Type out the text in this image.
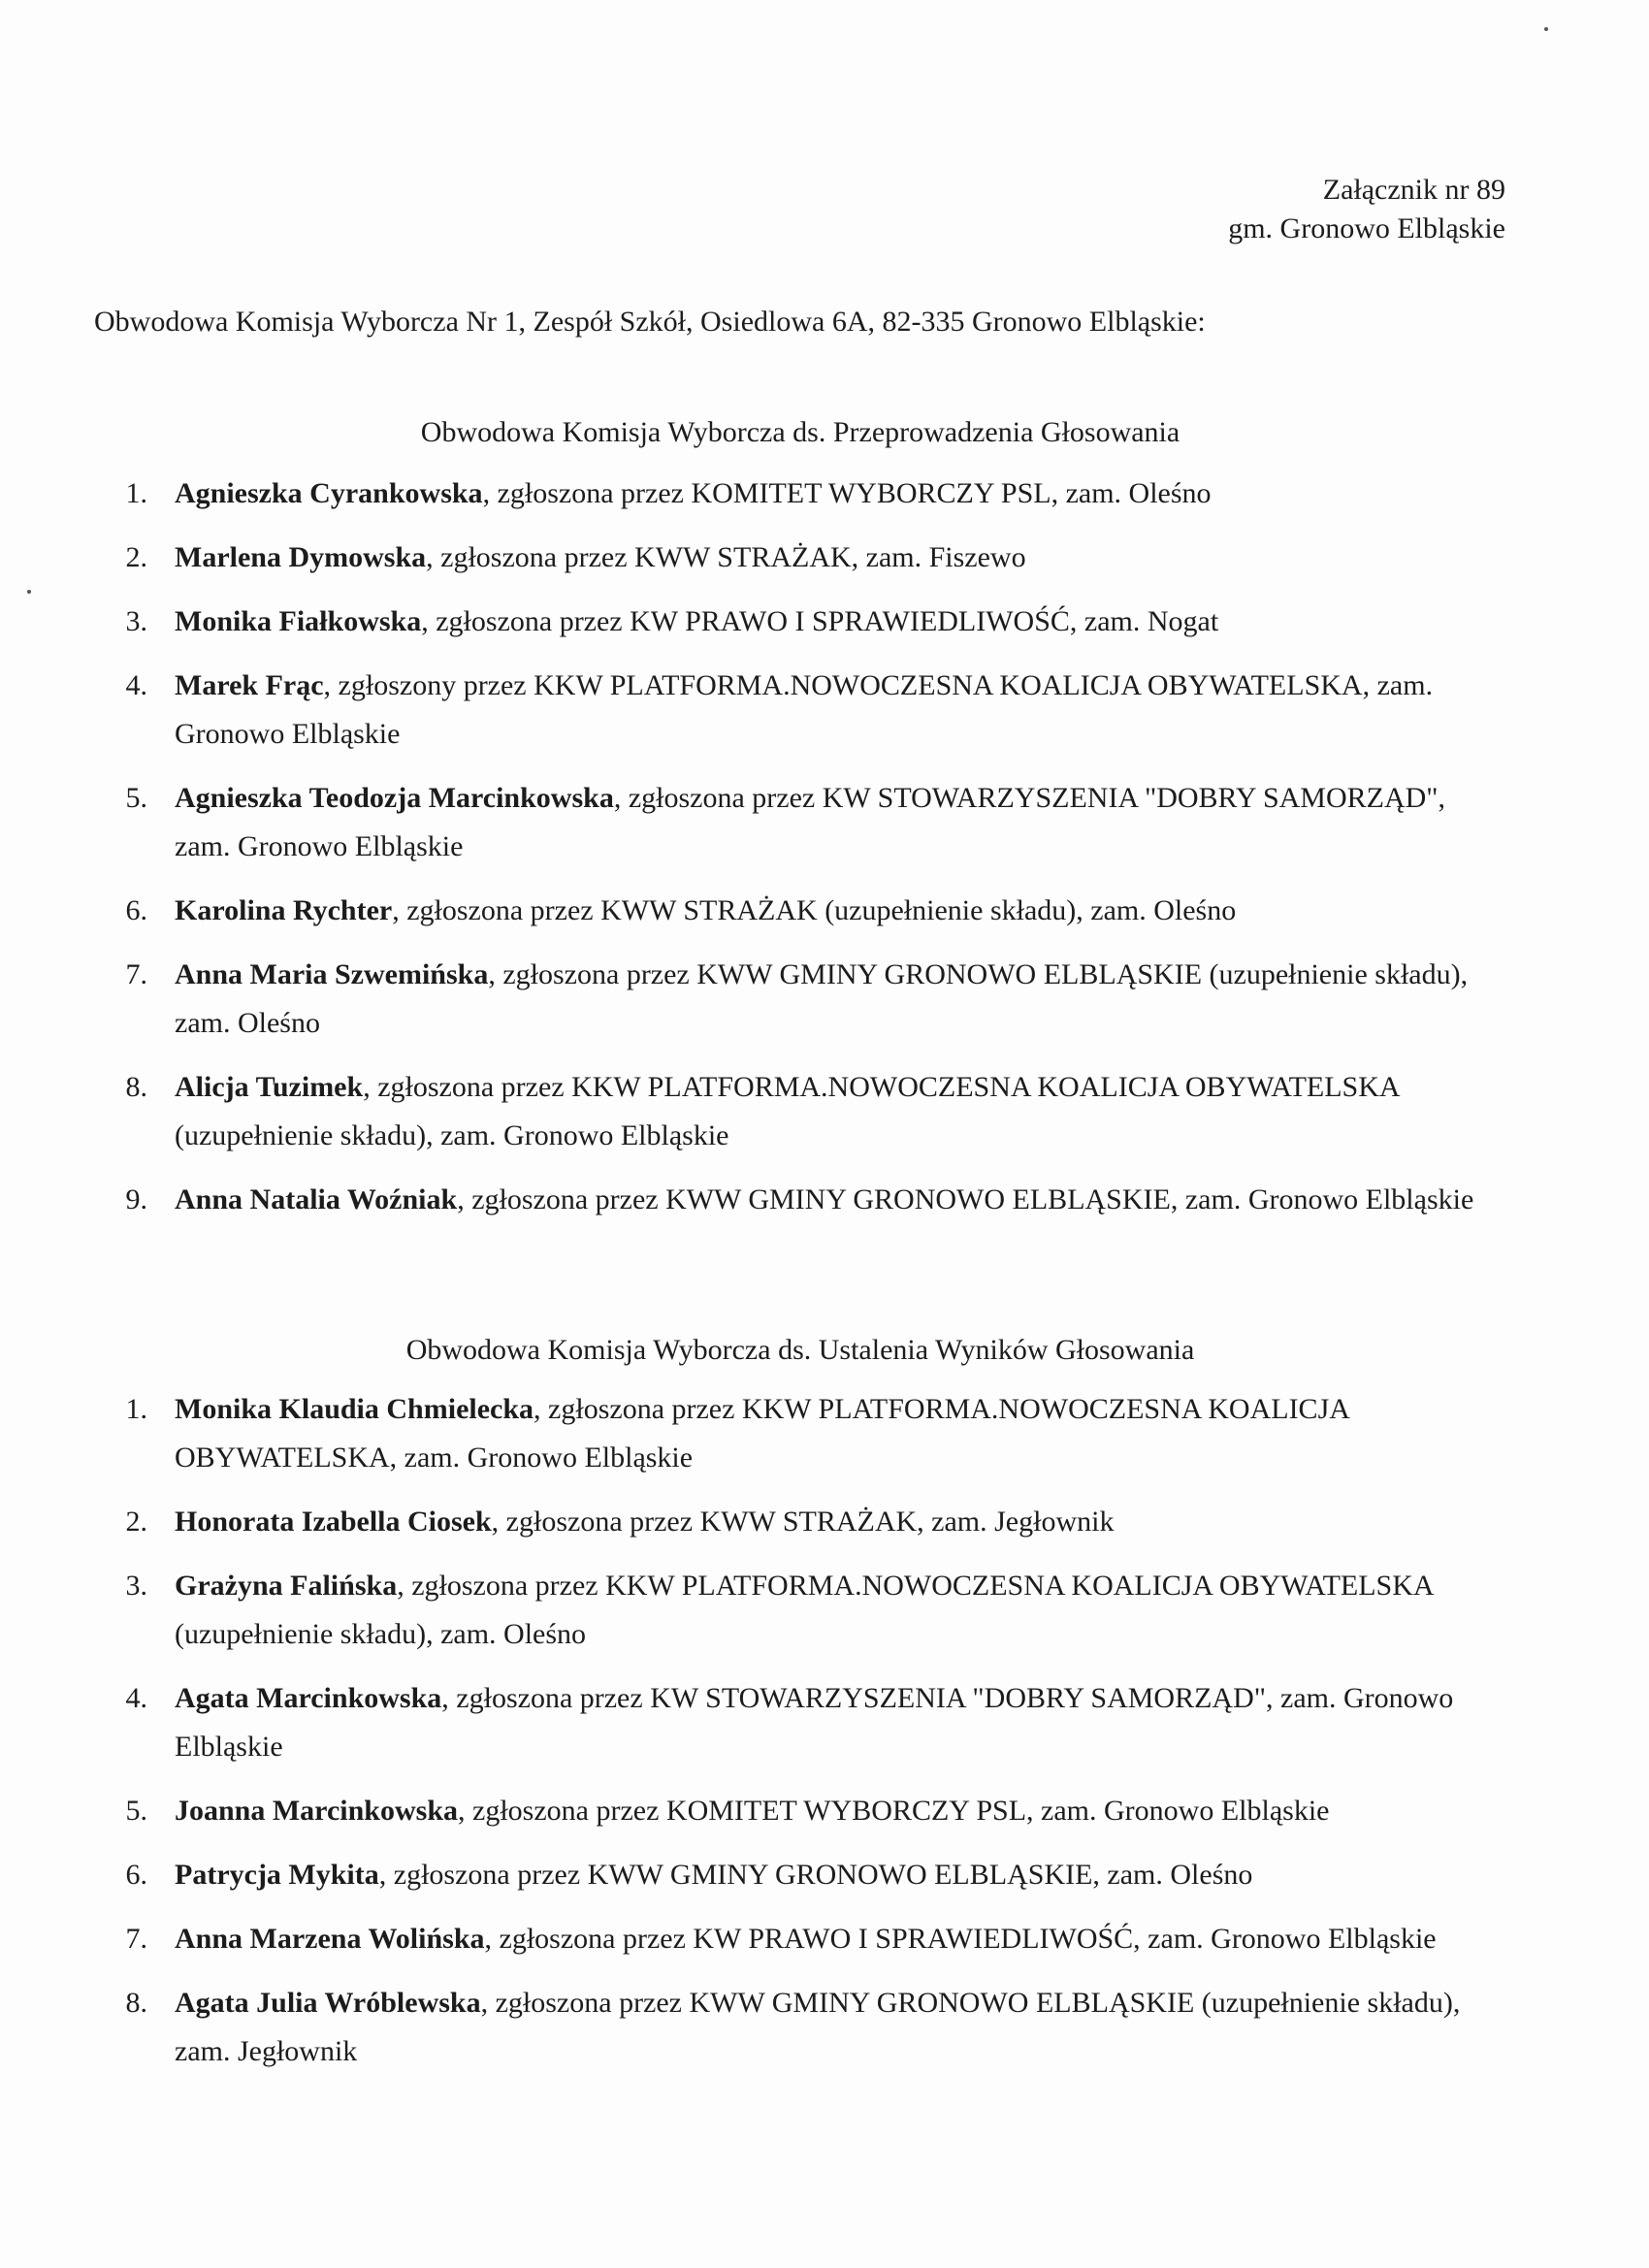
Załącznik nr 89
gm. Gronowo Elbląskie
Obwodowa Komisja Wyborcza Nr 1, Zespół Szkół, Osiedlowa 6A, 82-335 Gronowo Elbląskie:
Obwodowa Komisja Wyborcza ds. Przeprowadzenia Głosowania
1. Agnieszka Cyrankowska, zgłoszona przez KOMITET WYBORCZY PSL, zam. Oleśno
2. Marlena Dymowska, zgłoszona przez KWW STRAŻAK, zam. Fiszewo
3. Monika Fiałkowska, zgłoszona przez KW PRAWO I SPRAWIEDLIWOŚĆ, zam. Nogat
4. Marek Frąc, zgłoszony przez KKW PLATFORMA.NOWOCZESNA KOALICJA OBYWATELSKA, zam. Gronowo Elbląskie
5. Agnieszka Teodozja Marcinkowska, zgłoszona przez KW STOWARZYSZENIA "DOBRY SAMORZĄD", zam. Gronowo Elbląskie
6. Karolina Rychter, zgłoszona przez KWW STRAŻAK (uzupełnienie składu), zam. Oleśno
7. Anna Maria Szwemińska, zgłoszona przez KWW GMINY GRONOWO ELBLĄSKIE (uzupełnienie składu), zam. Oleśno
8. Alicja Tuzimek, zgłoszona przez KKW PLATFORMA.NOWOCZESNA KOALICJA OBYWATELSKA (uzupełnienie składu), zam. Gronowo Elbląskie
9. Anna Natalia Woźniak, zgłoszona przez KWW GMINY GRONOWO ELBLĄSKIE, zam. Gronowo Elbląskie
Obwodowa Komisja Wyborcza ds. Ustalenia Wyników Głosowania
1. Monika Klaudia Chmielecka, zgłoszona przez KKW PLATFORMA.NOWOCZESNA KOALICJA OBYWATELSKA, zam. Gronowo Elbląskie
2. Honorata Izabella Ciosek, zgłoszona przez KWW STRAŻAK, zam. Jegłownik
3. Grażyna Falińska, zgłoszona przez KKW PLATFORMA.NOWOCZESNA KOALICJA OBYWATELSKA (uzupełnienie składu), zam. Oleśno
4. Agata Marcinkowska, zgłoszona przez KW STOWARZYSZENIA "DOBRY SAMORZĄD", zam. Gronowo Elbląskie
5. Joanna Marcinkowska, zgłoszona przez KOMITET WYBORCZY PSL, zam. Gronowo Elbląskie
6. Patrycja Mykita, zgłoszona przez KWW GMINY GRONOWO ELBLĄSKIE, zam. Oleśno
7. Anna Marzena Wolińska, zgłoszona przez KW PRAWO I SPRAWIEDLIWOŚĆ, zam. Gronowo Elbląskie
8. Agata Julia Wróblewska, zgłoszona przez KWW GMINY GRONOWO ELBLĄSKIE (uzupełnienie składu), zam. Jegłownik
